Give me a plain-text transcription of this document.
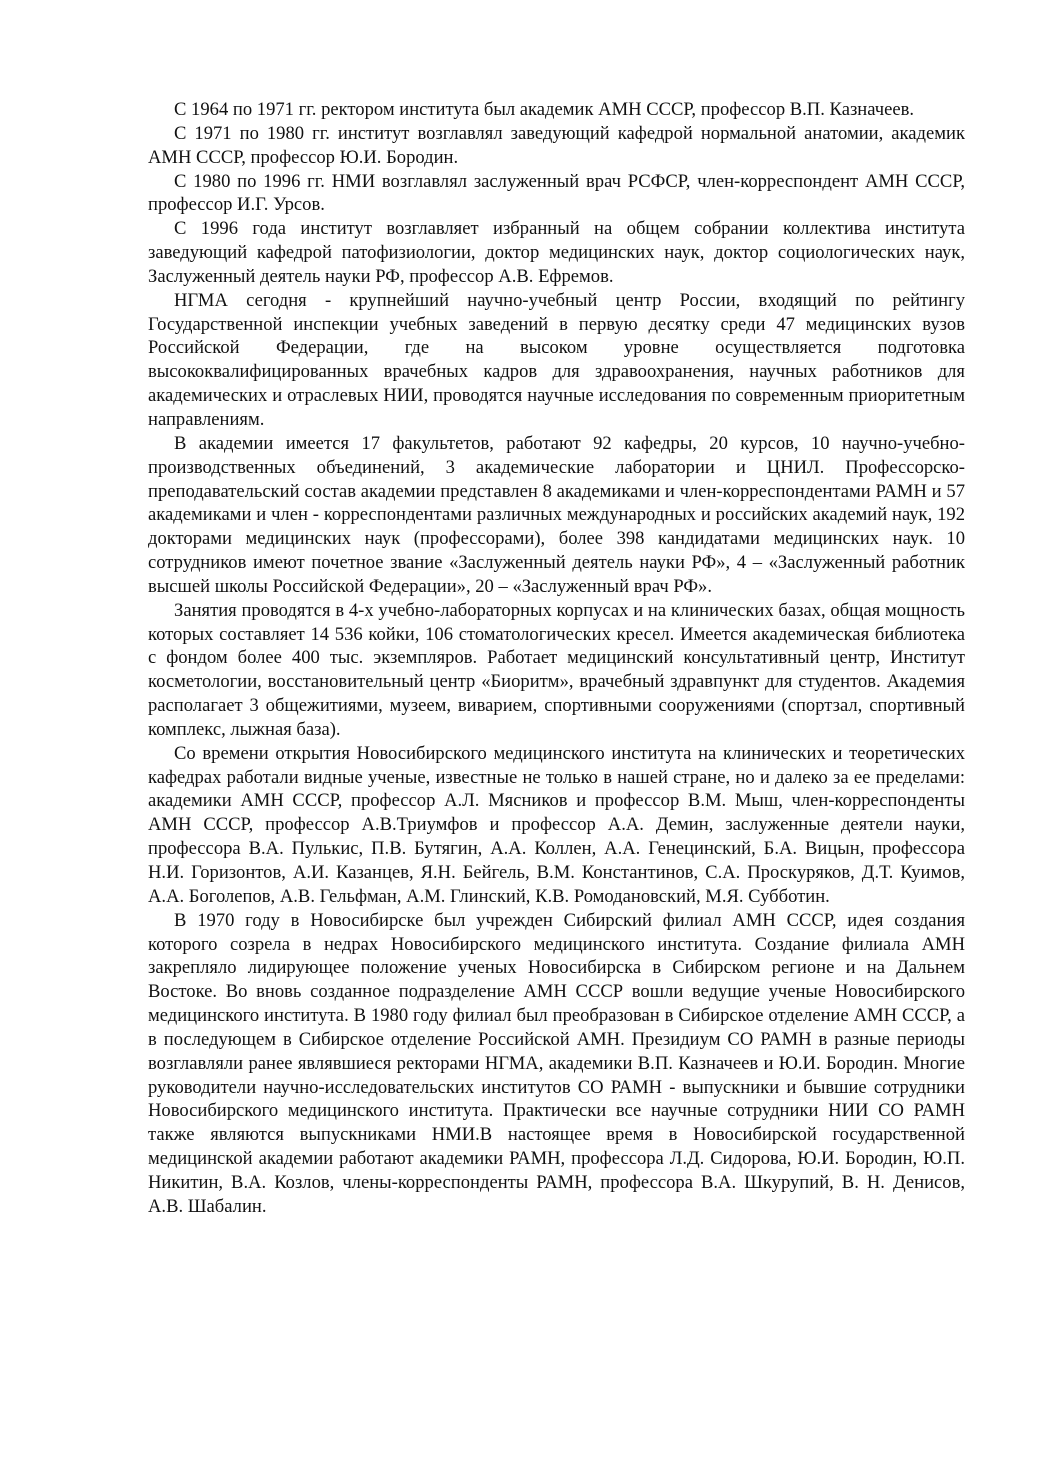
С 1964 по 1971 гг. ректором института был академик АМН СССР, профессор В.П. Казначеев.

С 1971 по 1980 гг. институт возглавлял заведующий кафедрой нормальной анатомии, академик АМН СССР, профессор Ю.И. Бородин.

С 1980 по 1996 гг. НМИ возглавлял заслуженный врач РСФСР, член-корреспондент АМН СССР, профессор И.Г. Урсов.

С 1996 года институт возглавляет избранный на общем собрании коллектива института заведующий кафедрой патофизиологии, доктор медицинских наук, доктор социологических наук, Заслуженный деятель науки РФ, профессор А.В. Ефремов.

НГМА сегодня - крупнейший научно-учебный центр России, входящий по рейтингу Государственной инспекции учебных заведений в первую десятку среди 47 медицинских вузов Российской Федерации, где на высоком уровне осуществляется подготовка высококвалифицированных врачебных кадров для здравоохранения, научных работников для академических и отраслевых НИИ, проводятся научные исследования по современным приоритетным направлениям.

В академии имеется 17 факультетов, работают 92 кафедры, 20 курсов, 10 научно-учебно-производственных объединений, 3 академические лаборатории и ЦНИЛ. Профессорско-преподавательский состав академии представлен 8 академиками и член-корреспондентами РАМН и 57 академиками и член - корреспондентами различных международных и российских академий наук, 192 докторами медицинских наук (профессорами), более 398 кандидатами медицинских наук. 10 сотрудников имеют почетное звание «Заслуженный деятель науки РФ», 4 – «Заслуженный работник высшей школы Российской Федерации», 20 – «Заслуженный врач РФ».

Занятия проводятся в 4-х учебно-лабораторных корпусах и на клинических базах, общая мощность которых составляет 14 536 койки, 106 стоматологических кресел. Имеется академическая библиотека с фондом более 400 тыс. экземпляров. Работает медицинский консультативный центр, Институт косметологии, восстановительный центр «Биоритм», врачебный здравпункт для студентов. Академия располагает 3 общежитиями, музеем, виварием, спортивными сооружениями (спортзал, спортивный комплекс, лыжная база).

Со времени открытия Новосибирского медицинского института на клинических и теоретических кафедрах работали видные ученые, известные не только в нашей стране, но и далеко за ее пределами: академики АМН СССР, профессор А.Л. Мясников и профессор В.М. Мыш, член-корреспонденты АМН СССР, профессор А.В.Триумфов и профессор А.А. Демин, заслуженные деятели науки, профессора В.А. Пулькис, П.В. Бутягин, А.А. Коллен, А.А. Генецинский, Б.А. Вицын, профессора Н.И. Горизонтов, А.И. Казанцев, Я.Н. Бейгель, В.М. Константинов, С.А. Проскуряков, Д.Т. Куимов, А.А. Боголепов, А.В. Гельфман, А.М. Глинский, К.В. Ромодановский, М.Я. Субботин.

В 1970 году в Новосибирске был учрежден Сибирский филиал АМН СССР, идея создания которого созрела в недрах Новосибирского медицинского института. Создание филиала АМН закрепляло лидирующее положение ученых Новосибирска в Сибирском регионе и на Дальнем Востоке. Во вновь созданное подразделение АМН СССР вошли ведущие ученые Новосибирского медицинского института. В 1980 году филиал был преобразован в Сибирское отделение АМН СССР, а в последующем в Сибирское отделение Российской АМН. Президиум СО РАМН в разные периоды возглавляли ранее являвшиеся ректорами НГМА, академики В.П. Казначеев и Ю.И. Бородин. Многие руководители научно-исследовательских институтов СО РАМН - выпускники и бывшие сотрудники Новосибирского медицинского института. Практически все научные сотрудники НИИ СО РАМН также являются выпускниками НМИ.В настоящее время в Новосибирской государственной медицинской академии работают академики РАМН, профессора Л.Д. Сидорова, Ю.И. Бородин, Ю.П. Никитин, В.А. Козлов, члены-корреспонденты РАМН, профессора В.А. Шкурупий, В. Н. Денисов, А.В. Шабалин.
